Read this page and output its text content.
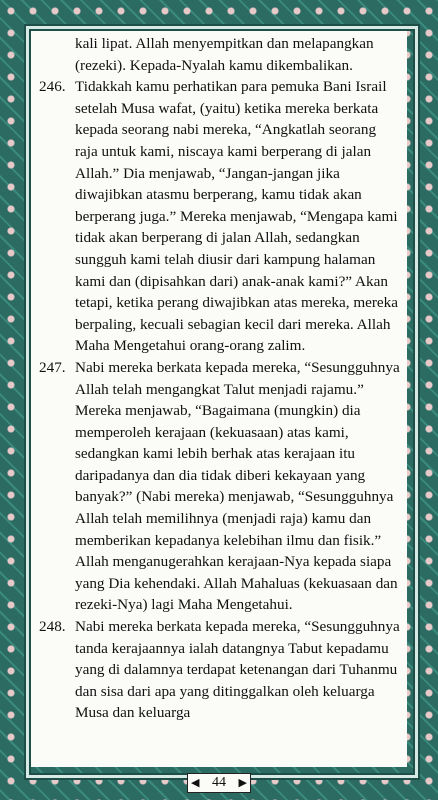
kali lipat. Allah menyempitkan dan melapangkan (rezeki). Kepada-Nyalah kamu dikembalikan.
246. Tidakkah kamu perhatikan para pemuka Bani Israil setelah Musa wafat, (yaitu) ketika mereka berkata kepada seorang nabi mereka, “Angkatlah seorang raja untuk kami, niscaya kami berperang di jalan Allah.” Dia menjawab, “Jangan-jangan jika diwajibkan atasmu berperang, kamu tidak akan berperang juga.” Mereka menjawab, “Mengapa kami tidak akan berperang di jalan Allah, sedangkan sungguh kami telah diusir dari kampung halaman kami dan (dipisahkan dari) anak-anak kami?” Akan tetapi, ketika perang diwajibkan atas mereka, mereka berpaling, kecuali sebagian kecil dari mereka. Allah Maha Mengetahui orang-orang zalim.
247. Nabi mereka berkata kepada mereka, “Sesungguhnya Allah telah mengangkat Talut menjadi rajamu.” Mereka menjawab, “Bagaimana (mungkin) dia memperoleh kerajaan (kekuasaan) atas kami, sedangkan kami lebih berhak atas kerajaan itu daripadanya dan dia tidak diberi kekayaan yang banyak?” (Nabi mereka) menjawab, “Sesungguhnya Allah telah memilihnya (menjadi raja) kamu dan memberikan kepadanya kelebihan ilmu dan fisik.” Allah menganugerahkan kerajaan-Nya kepada siapa yang Dia kehendaki. Allah Mahaluas (kekuasaan dan rezeki-Nya) lagi Maha Mengetahui.
248. Nabi mereka berkata kepada mereka, “Sesungguhnya tanda kerajaannya ialah datangnya Tabut kepadamu yang di dalamnya terdapat ketenangan dari Tuhanmu dan sisa dari apa yang ditinggalkan oleh keluarga Musa dan keluarga
◀ 44	▶
